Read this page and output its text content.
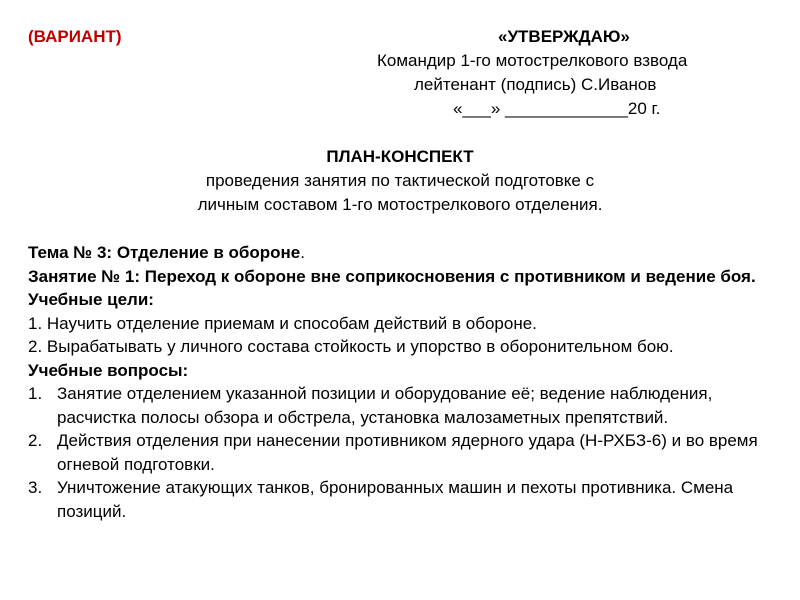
(ВАРИАНТ)	«УТВЕРЖДАЮ»
Командир 1-го мотострелкового взвода
лейтенант (подпись) С.Иванов
«___» _____________20 г.
ПЛАН-КОНСПЕКТ
проведения занятия по тактической подготовке с
личным составом 1-го мотострелкового отделения.

Тема № 3: Отделение в обороне.

Занятие № 1: Переход к обороне вне соприкосновения с противником и ведение боя.

Учебные цели:

1. Научить отделение приемам и способам действий в обороне.

2. Вырабатывать у личного состава стойкость и упорство в оборонительном бою.

Учебные вопросы:

1. Занятие отделением указанной позиции и оборудование её; ведение наблюдения, расчистка полосы обзора и обстрела, установка малозаметных препятствий.

2. Действия отделения при нанесении противником ядерного удара (Н-РХБЗ-6) и во время огневой подготовки.

3. Уничтожение атакующих танков, бронированных машин и пехоты противника. Смена позиций.
